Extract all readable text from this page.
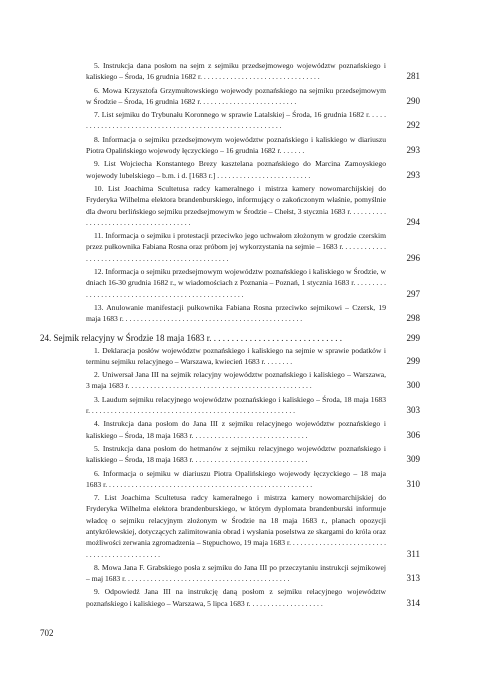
5. Instrukcja dana posłom na sejm z sejmiku przedsejmowego województw poznańskiego i kaliskiego – Środa, 16 grudnia 1682 r. . . . . . . . . . . . . . . . . . . . . . . . . . . . . . . .	281
6. Mowa Krzysztofa Grzymułtowskiego wojewody poznańskiego na sejmiku przedsejmowym w Środzie – Środa, 16 grudnia 1682 r. . . . . . . . . . . . . . . . . . . . . . . . . .	290
7. List sejmiku do Trybunału Koronnego w sprawie Latalskiej – Środa, 16 grudnia 1682 r. . . . . . . . . . . . . . . . . . . . . . . . . . . . . . . . . . . . . . . . . . . . . . . . . . . . . . . . .	292
8. Informacja o sejmiku przedsejmowym województw poznańskiego i kaliskiego w diariuszu Piotra Opalińskiego wojewody łęczyckiego – 16 grudnia 1682 r. . . . . . .	293
9. List Wojciecha Konstantego Brezy kasztelana poznańskiego do Marcina Zamoyskiego wojewody lubelskiego – b.m. i d. [1683 r.] . . . . . . . . . . . . . . . . . . . . . . . . .	293
10. List Joachima Scultetusa radcy kameralnego i mistrza kamery nowomarchijskiej do Fryderyka Wilhelma elektora brandenburskiego, informujący o zakończonym właśnie, pomyślnie dla dworu berlińskiego sejmiku przedsejmowym w Środzie – Chełst, 3 stycznia 1683 r. . . . . . . . . . . . . . . . . . . . . . . . . . . . . . . . . . . . . .	294
11. Informacja o sejmiku i protestacji przeciwko jego uchwałom złożonym w grodzie czerskim przez pułkownika Fabiana Rosna oraz próbom jej wykorzystania na sejmie – 1683 r. . . . . . . . . . . . . . . . . . . . . . . . . . . . . . . . . . . . . . . . . . . . . . . . . .	296
12. Informacja o sejmiku przedsejmowym województw poznańskiego i kaliskiego w Środzie, w dniach 16-30 grudnia 1682 r., w wiadomościach z Poznania – Poznań, 1 stycznia 1683 r. . . . . . . . . . . . . . . . . . . . . . . . . . . . . . . . . . . . . . . . . . . . . . . . . . .	297
13. Anulowanie manifestacji pułkownika Fabiana Rosna przeciwko sejmikowi – Czersk, 19 maja 1683 r. . . . . . . . . . . . . . . . . . . . . . . . . . . . . . . . . . . . . . . . . . . . . . . .	298
24. Sejmik relacyjny w Środzie 18 maja 1683 r. . . . . . . . . . . . . . . . . . . . . . . . . . . . . .	299
1. Deklaracja posłów województw poznańskiego i kaliskiego na sejmie w sprawie podatków i terminu sejmiku relacyjnego – Warszawa, kwiecień 1683 r. . . . . . . .	299
2. Uniwersał Jana III na sejmik relacyjny województw poznańskiego i kaliskiego – Warszawa, 3 maja 1683 r. . . . . . . . . . . . . . . . . . . . . . . . . . . . . . . . . . . . . . . . . . . . . . . . .	300
3. Laudum sejmiku relacyjnego województw poznańskiego i kaliskiego – Środa, 18 maja 1683 r. . . . . . . . . . . . . . . . . . . . . . . . . . . . . . . . . . . . . . . . . . . . . . . . . . . . . . .	303
4. Instrukcja dana posłom do Jana III z sejmiku relacyjnego województw poznańskiego i kaliskiego – Środa, 18 maja 1683 r. . . . . . . . . . . . . . . . . . . . . . . . . . . . . . .	306
5. Instrukcja dana posłom do hetmanów z sejmiku relacyjnego województw poznańskiego i kaliskiego – Środa, 18 maja 1683 r. . . . . . . . . . . . . . . . . . . . . . . . . . . . . . .	309
6. Informacja o sejmiku w diariuszu Piotra Opalińskiego wojewody łęczyckiego – 18 maja 1683 r. . . . . . . . . . . . . . . . . . . . . . . . . . . . . . . . . . . . . . . . . . . . . . . . . . . . . . .	310
7. List Joachima Scultetusa radcy kameralnego i mistrza kamery nowomarchijskiej do Fryderyka Wilhelma elektora brandenburskiego, w którym dyplomata brandenburski informuje władcę o sejmiku relacyjnym złożonym w Środzie na 18 maja 1683 r., planach opozycji antykrólewskiej, dotyczących zalimitowania obrad i wysłania poselstwa ze skargami do króla oraz możliwości zerwania zgromadzenia – Stępuchowo, 19 maja 1683 r. . . . . . . . . . . . . . . . . . . . . . . . . . . . . . . . . . . . . . . . . . . . . .	311
8. Mowa Jana F. Grabskiego posła z sejmiku do Jana III po przeczytaniu instrukcji sejmikowej – maj 1683 r. . . . . . . . . . . . . . . . . . . . . . . . . . . . . . . . . . . . . . . . . . . .	313
9. Odpowiedź Jana III na instrukcję daną posłom z sejmiku relacyjnego województw poznańskiego i kaliskiego – Warszawa, 5 lipca 1683 r. . . . . . . . . . . . . . . . . . . .	314
702
